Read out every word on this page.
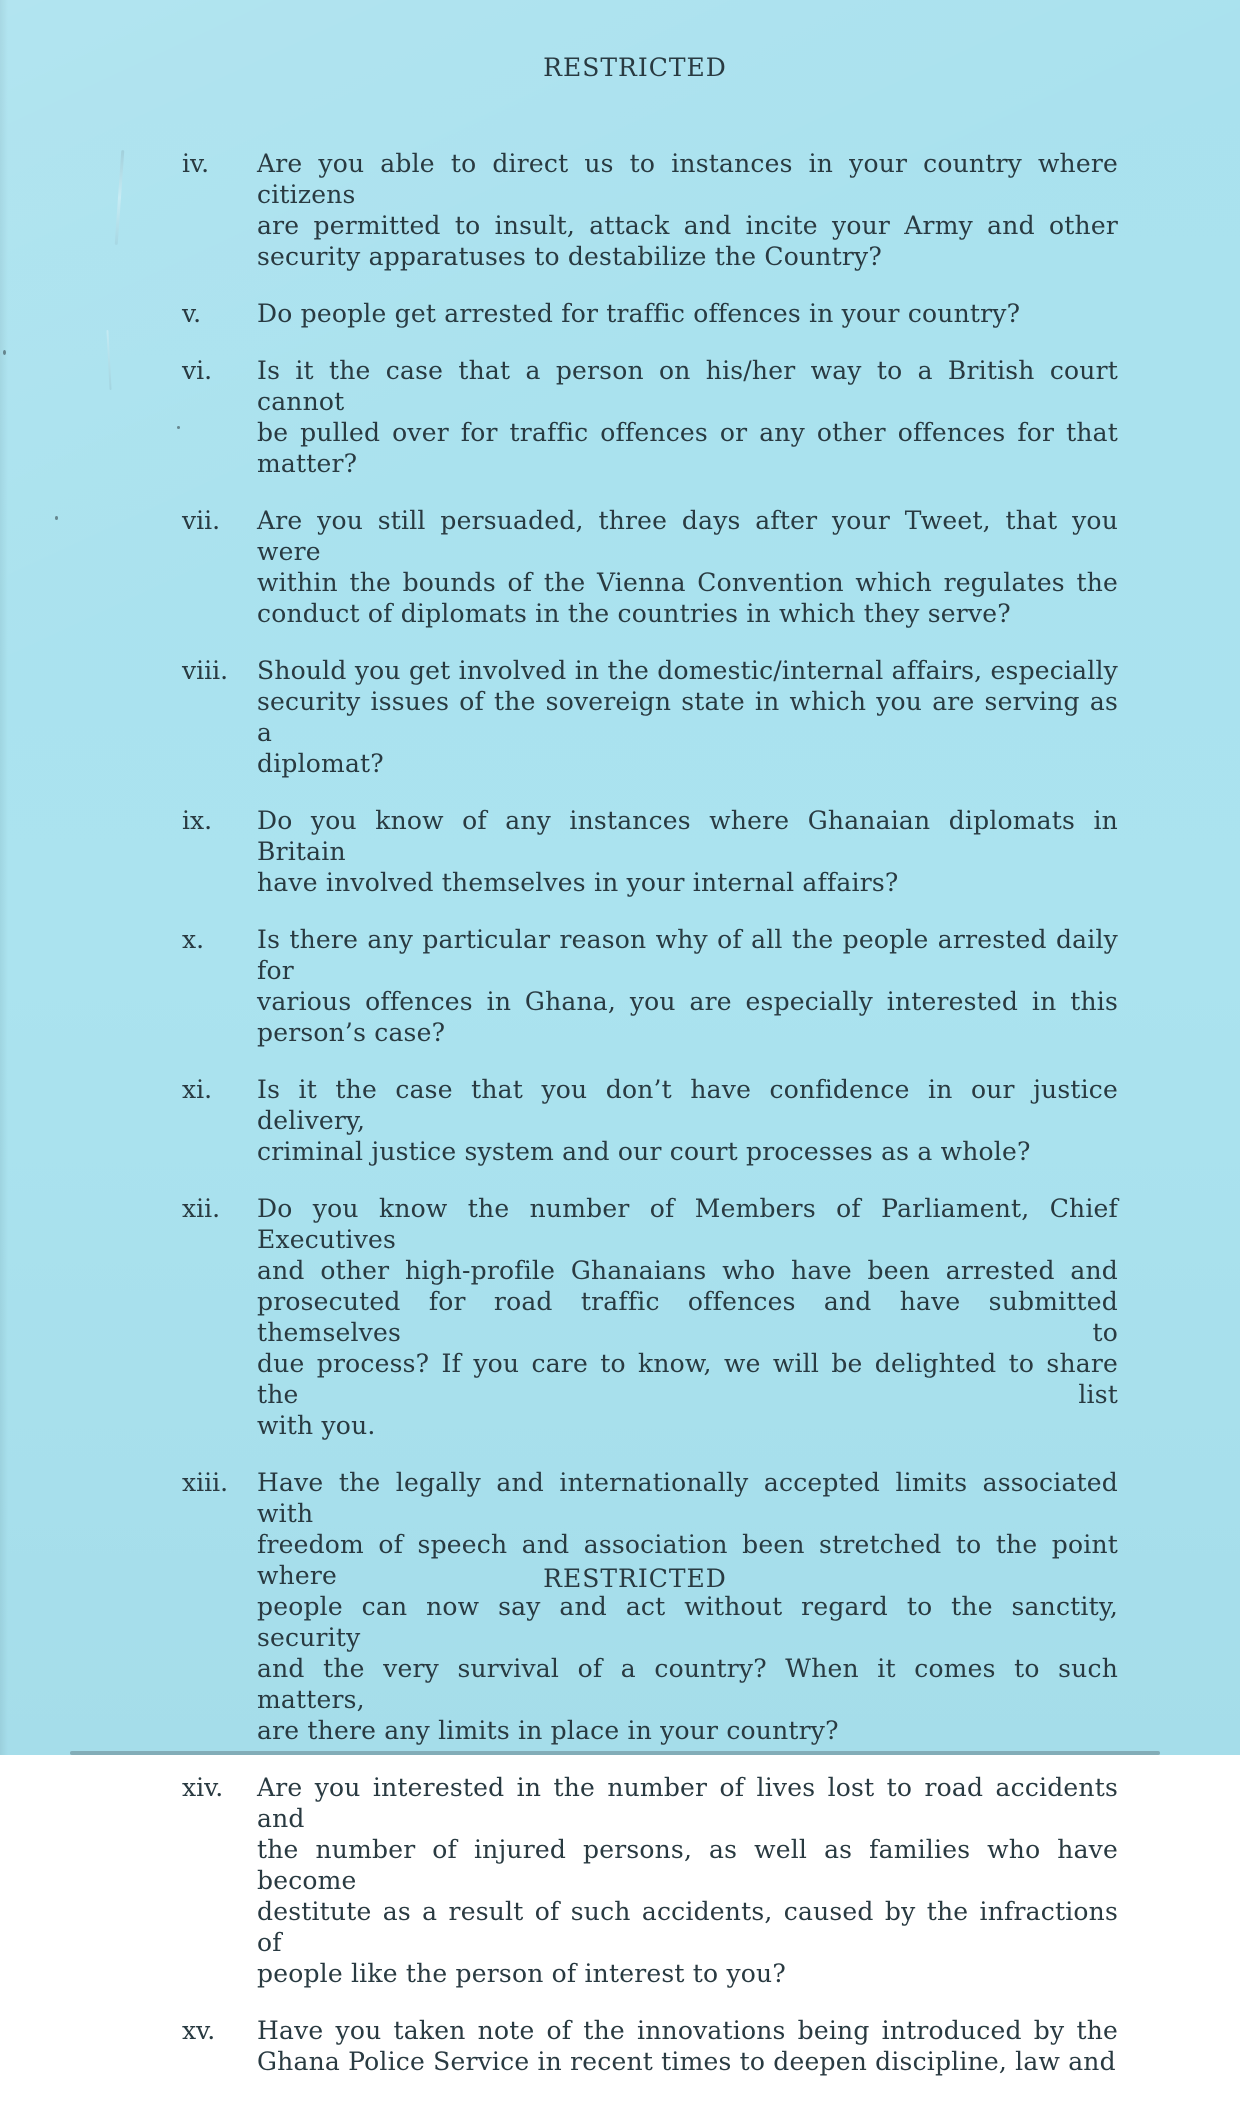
RESTRICTED
iv.	Are you able to direct us to instances in your country where citizens
are permitted to insult, attack and incite your Army and other
security apparatuses to destabilize the Country?
v.	Do people get arrested for traffic offences in your country?
vi.	Is it the case that a person on his/her way to a British court cannot
be pulled over for traffic offences or any other offences for that
matter?
vii.	Are you still persuaded, three days after your Tweet, that you were
within the bounds of the Vienna Convention which regulates the
conduct of diplomats in the countries in which they serve?
viii.	Should you get involved in the domestic/internal affairs, especially
security issues of the sovereign state in which you are serving as a
diplomat?
ix.	Do you know of any instances where Ghanaian diplomats in Britain
have involved themselves in your internal affairs?
x.	Is there any particular reason why of all the people arrested daily for
various offences in Ghana, you are especially interested in this
person’s case?
xi.	Is it the case that you don’t have confidence in our justice delivery,
criminal justice system and our court processes as a whole?
xii.	Do you know the number of Members of Parliament, Chief Executives
and other high-profile Ghanaians who have been arrested and
prosecuted for road traffic offences and have submitted themselves to
due process? If you care to know, we will be delighted to share the list
with you.
xiii.	Have the legally and internationally accepted limits associated with
freedom of speech and association been stretched to the point where
people can now say and act without regard to the sanctity, security
and the very survival of a country? When it comes to such matters,
are there any limits in place in your country?
xiv.	Are you interested in the number of lives lost to road accidents and
the number of injured persons, as well as families who have become
destitute as a result of such accidents, caused by the infractions of
people like the person of interest to you?
xv.	Have you taken note of the innovations being introduced by the
Ghana Police Service in recent times to deepen discipline, law and
RESTRICTED
